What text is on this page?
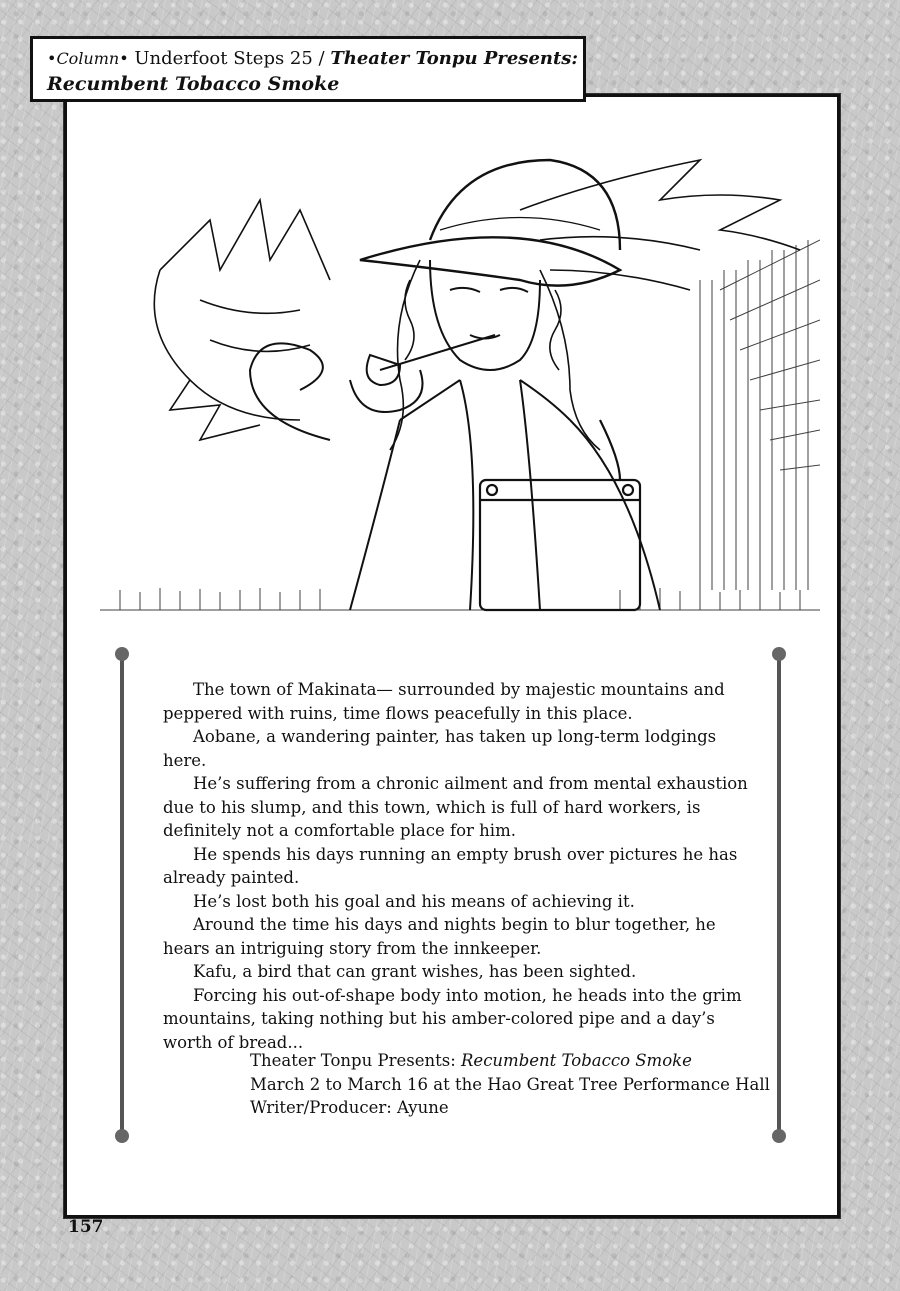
•Column• Underfoot Steps 25 / Theater Tonpu Presents:
Recumbent Tobacco Smoke

The town of Makinata— surrounded by majestic mountains and peppered with ruins, time flows peacefully in this place.

Aobane, a wandering painter, has taken up long-term lodgings here.

He’s suffering from a chronic ailment and from mental exhaustion due to his slump, and this town, which is full of hard workers, is definitely not a comfortable place for him.

He spends his days running an empty brush over pictures he has already painted.

He’s lost both his goal and his means of achieving it.

Around the time his days and nights begin to blur together, he hears an intriguing story from the innkeeper.

Kafu, a bird that can grant wishes, has been sighted.

Forcing his out-of-shape body into motion, he heads into the grim mountains, taking nothing but his amber-colored pipe and a day’s worth of bread...

Theater Tonpu Presents: Recumbent Tobacco Smoke
March 2 to March 16 at the Hao Great Tree Performance Hall
Writer/Producer: Ayune
157
